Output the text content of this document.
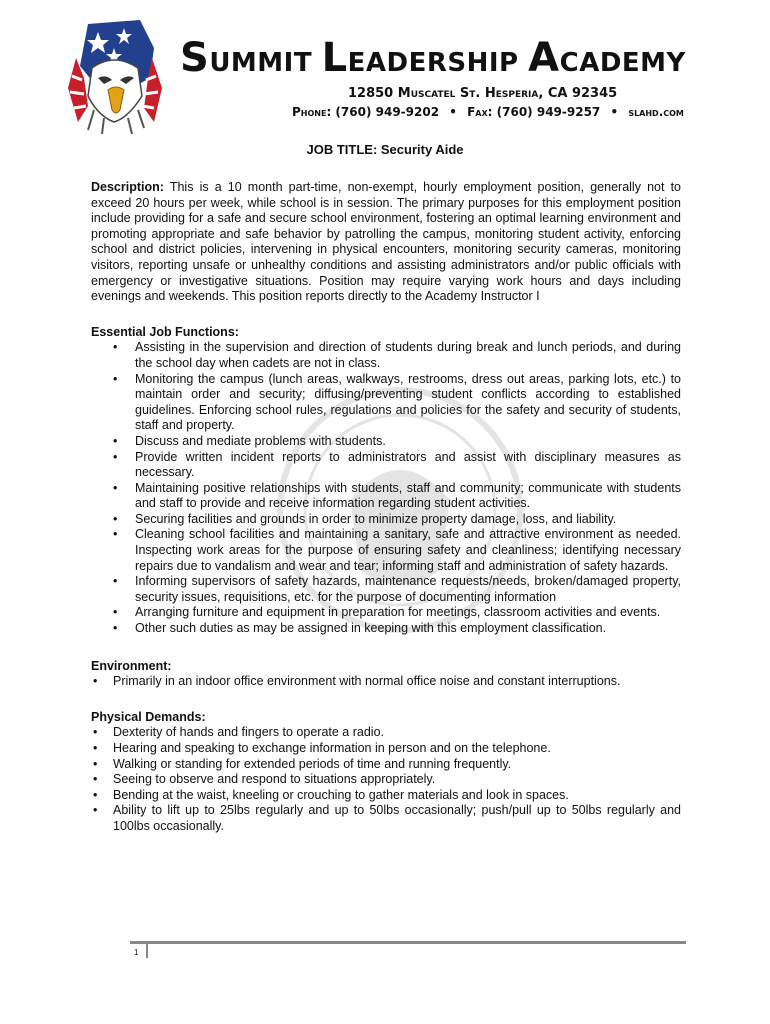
SUMMIT LEADERSHIP ACADEMY
12850 Muscatel St. Hesperia, CA 92345
Phone: (760) 949-9202 • Fax: (760) 949-9257 • slahd.com
JOB TITLE: Security Aide

Description: This is a 10 month part-time, non-exempt, hourly employment position, generally not to exceed 20 hours per week, while school is in session. The primary purposes for this employment position include providing for a safe and secure school environment, fostering an optimal learning environment and promoting appropriate and safe behavior by patrolling the campus, monitoring student activity, enforcing school and district policies, intervening in physical encounters, monitoring security cameras, monitoring visitors, reporting unsafe or unhealthy conditions and assisting administrators and/or public officials with emergency or investigative situations. Position may require varying work hours and days including evenings and weekends. This position reports directly to the Academy Instructor I

Essential Job Functions:

• Assisting in the supervision and direction of students during break and lunch periods, and during the school day when cadets are not in class.
• Monitoring the campus (lunch areas, walkways, restrooms, dress out areas, parking lots, etc.) to maintain order and security; diffusing/preventing student conflicts according to established guidelines. Enforcing school rules, regulations and policies for the safety and security of students, staff and property.
• Discuss and mediate problems with students.
• Provide written incident reports to administrators and assist with disciplinary measures as necessary.
• Maintaining positive relationships with students, staff and community; communicate with students and staff to provide and receive information regarding student activities.
• Securing facilities and grounds in order to minimize property damage, loss, and liability.
• Cleaning school facilities and maintaining a sanitary, safe and attractive environment as needed. Inspecting work areas for the purpose of ensuring safety and cleanliness; identifying necessary repairs due to vandalism and wear and tear; informing staff and administration of safety hazards.
• Informing supervisors of safety hazards, maintenance requests/needs, broken/damaged property, security issues, requisitions, etc. for the purpose of documenting information
• Arranging furniture and equipment in preparation for meetings, classroom activities and events.
• Other such duties as may be assigned in keeping with this employment classification.

Environment:

• Primarily in an indoor office environment with normal office noise and constant interruptions.

Physical Demands:

• Dexterity of hands and fingers to operate a radio.
• Hearing and speaking to exchange information in person and on the telephone.
• Walking or standing for extended periods of time and running frequently.
• Seeing to observe and respond to situations appropriately.
• Bending at the waist, kneeling or crouching to gather materials and look in spaces.
• Ability to lift up to 25lbs regularly and up to 50lbs occasionally; push/pull up to 50lbs regularly and 100lbs occasionally.
1
